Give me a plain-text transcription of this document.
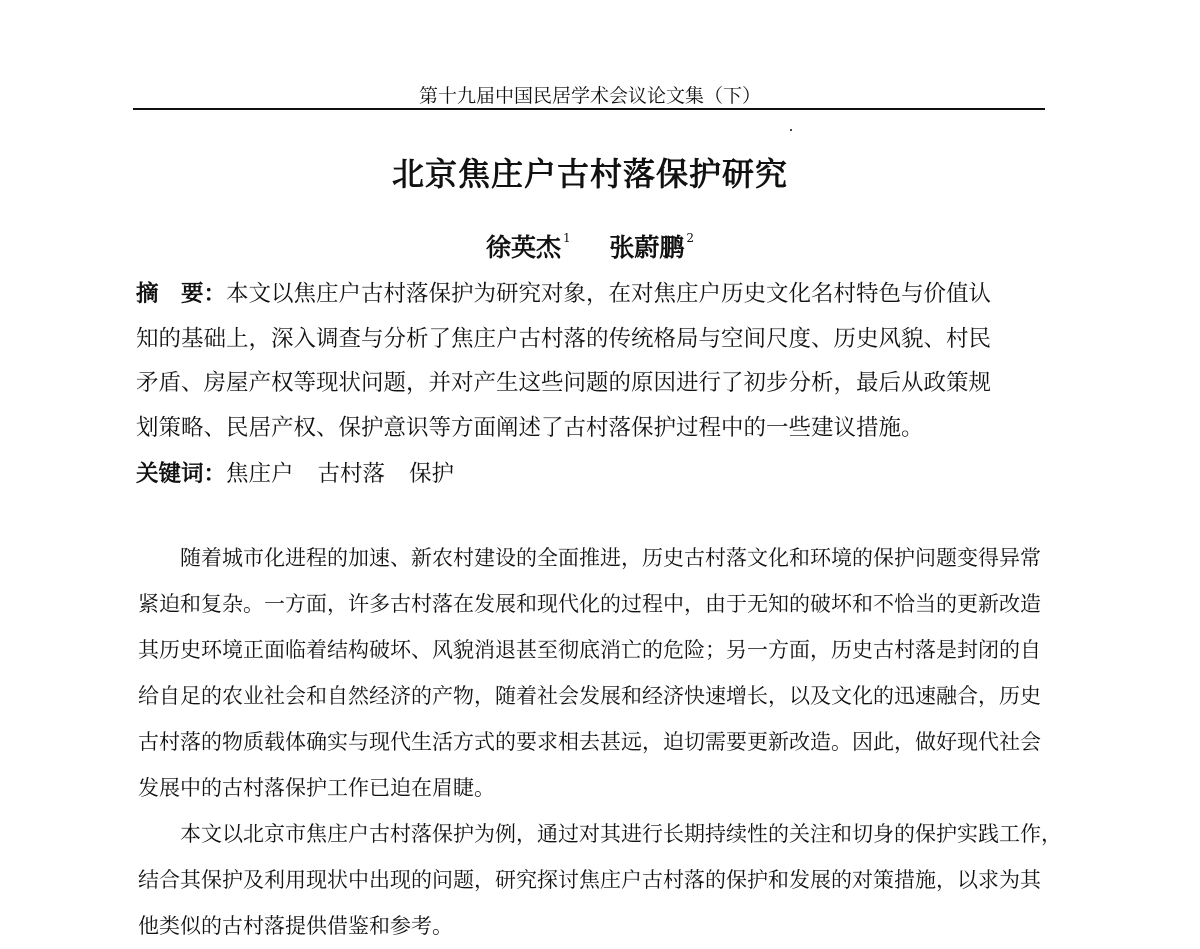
第十九届中国民居学术会议论文集（下）
北京焦庄户古村落保护研究
徐英杰 $^1$ 张蔚鹏 $^2$
摘　要：本文以焦庄户古村落保护为研究对象，在对焦庄户历史文化名村特色与价值认
知的基础上，深入调查与分析了焦庄户古村落的传统格局与空间尺度、历史风貌、村民
矛盾、房屋产权等现状问题，并对产生这些问题的原因进行了初步分析，最后从政策规
划策略、民居产权、保护意识等方面阐述了古村落保护过程中的一些建议措施。
关键词：焦庄户 古村落 保护
随着城市化进程的加速、新农村建设的全面推进，历史古村落文化和环境的保护问题变得异常
紧迫和复杂。一方面，许多古村落在发展和现代化的过程中，由于无知的破坏和不恰当的更新改造
其历史环境正面临着结构破坏、风貌消退甚至彻底消亡的危险；另一方面，历史古村落是封闭的自
给自足的农业社会和自然经济的产物，随着社会发展和经济快速增长，以及文化的迅速融合，历史
古村落的物质载体确实与现代生活方式的要求相去甚远，迫切需要更新改造。因此，做好现代社会
发展中的古村落保护工作已迫在眉睫。
本文以北京市焦庄户古村落保护为例，通过对其进行长期持续性的关注和切身的保护实践工作，
结合其保护及利用现状中出现的问题，研究探讨焦庄户古村落的保护和发展的对策措施，以求为其
他类似的古村落提供借鉴和参考。
